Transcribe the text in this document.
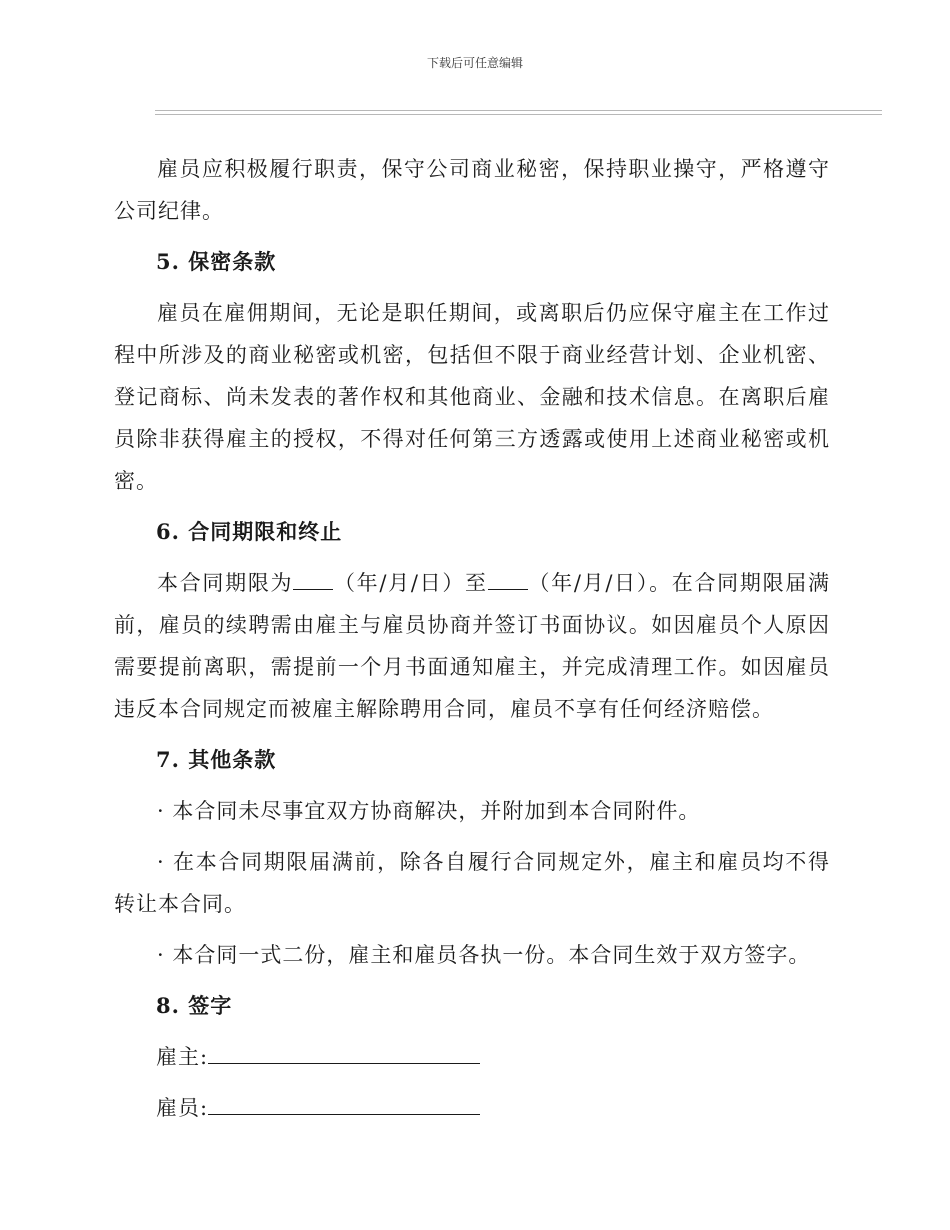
下载后可任意编辑

雇员应积极履行职责，保守公司商业秘密，保持职业操守，严格遵守公司纪律。

5. 保密条款

雇员在雇佣期间，无论是职任期间，或离职后仍应保守雇主在工作过程中所涉及的商业秘密或机密，包括但不限于商业经营计划、企业机密、登记商标、尚未发表的著作权和其他商业、金融和技术信息。在离职后雇员除非获得雇主的授权，不得对任何第三方透露或使用上述商业秘密或机密。

6. 合同期限和终止

本合同期限为 （年/月/日）至 （年/月/日）。在合同期限届满前，雇员的续聘需由雇主与雇员协商并签订书面协议。如因雇员个人原因需要提前离职，需提前一个月书面通知雇主，并完成清理工作。如因雇员违反本合同规定而被雇主解除聘用合同，雇员不享有任何经济赔偿。

7. 其他条款

· 本合同未尽事宜双方协商解决，并附加到本合同附件。

· 在本合同期限届满前，除各自履行合同规定外，雇主和雇员均不得转让本合同。

· 本合同一式二份，雇主和雇员各执一份。本合同生效于双方签字。

8. 签字

雇主:

雇员:
